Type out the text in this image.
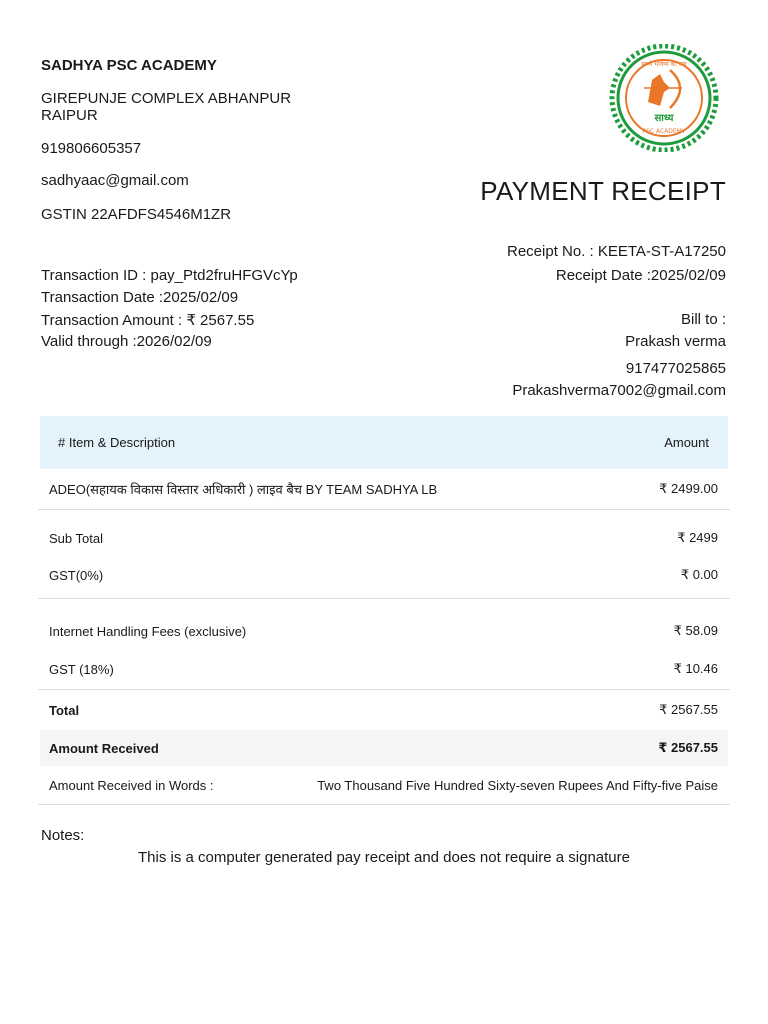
SADHYA PSC ACADEMY
GIREPUNJE COMPLEX ABHANPUR RAIPUR
919806605357
sadhyaac@gmail.com
GSTIN 22AFDFS4546M1ZR
साध्य
PSC ACADEMY
सपने भविष्य का सच
PAYMENT RECEIPT
Receipt No. : KEETA-ST-A17250
Receipt Date :2025/02/09
Transaction ID : pay_Ptd2fruHFGVcYp
Transaction Date :2025/02/09
Transaction Amount : ₹ 2567.55
Valid through :2026/02/09
Bill to :
Prakash verma
917477025865
Prakashverma7002@gmail.com
# Item & Description	Amount
ADEO(सहायक विकास विस्तार अधिकारी ) लाइव बैच BY TEAM SADHYA LB	₹ 2499.00
Sub Total	₹ 2499
GST(0%)	₹ 0.00
Internet Handling Fees (exclusive)	₹ 58.09
GST (18%)	₹ 10.46
Total	₹ 2567.55
Amount Received	₹ 2567.55
Amount Received in Words :	Two Thousand Five Hundred Sixty-seven Rupees And Fifty-five Paise
Notes:
This is a computer generated pay receipt and does not require a signature
